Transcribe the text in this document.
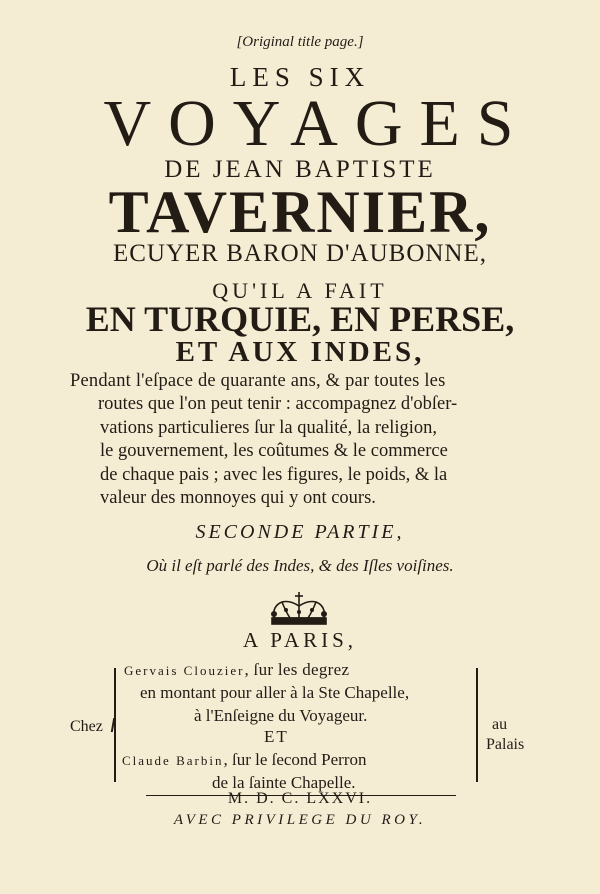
[Original title page.]
LES SIX
VOYAGES
DE JEAN BAPTISTE
TAVERNIER,
ECUYER BARON D'AUBONNE,
QU'IL A FAIT
EN TURQUIE, EN PERSE,
ET AUX INDES,
Pendant l'eſpace de quarante ans, & par toutes les
routes que l'on peut tenir : accompagnez d'obſer-
vations particulieres ſur la qualité, la religion,
le gouvernement, les coûtumes & le commerce
de chaque pais ; avec les figures, le poids, & la
valeur des monnoyes qui y ont cours.
SECONDE PARTIE,
Où il eſt parlé des Indes, & des Iſles voiſines.
A PARIS,
Chez
Gervais Clouzier, ſur les degrez
en montant pour aller à la Ste Chapelle,
à l'Enſeigne du Voyageur.
ET
Claude Barbin, ſur le ſecond Perron
de la ſainte Chapelle.
au
Palais
M. D. C. LXXVI.
AVEC PRIVILEGE DU ROY.
